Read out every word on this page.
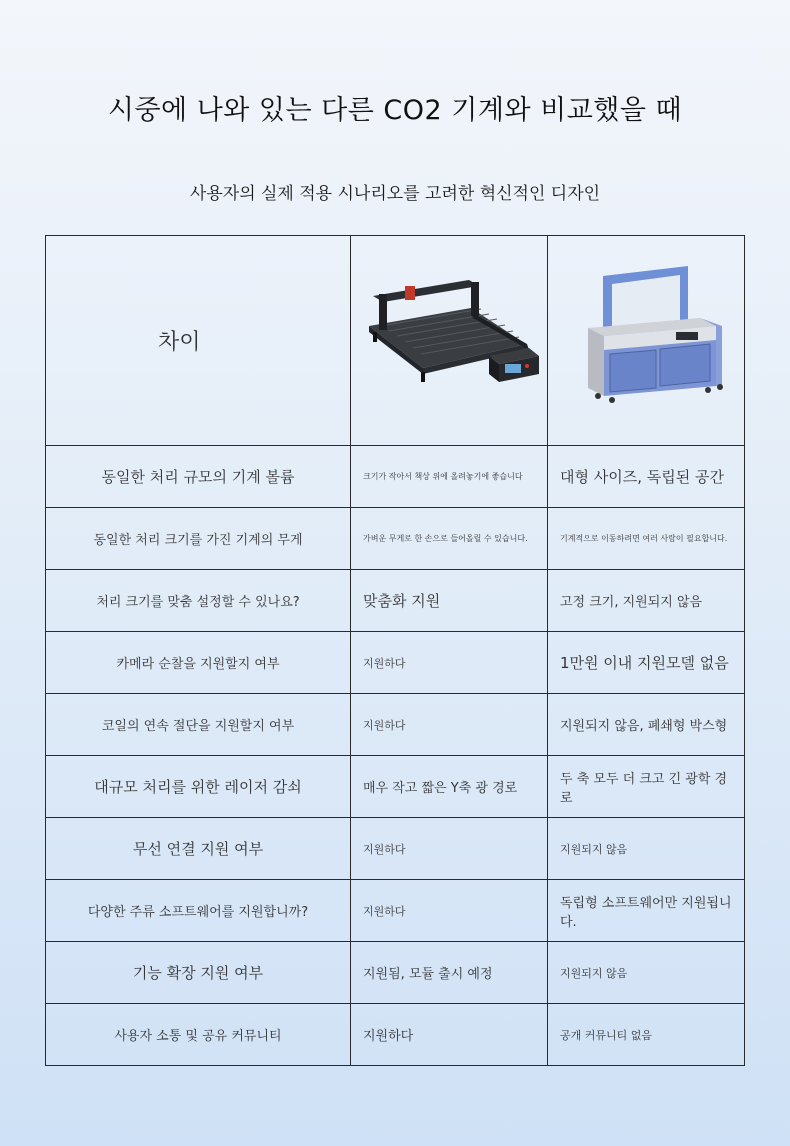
시중에 나와 있는 다른 CO2 기계와 비교했을 때
사용자의 실제 적용 시나리오를 고려한 혁신적인 디자인
차이		
동일한 처리 규모의 기계 볼륨	크기가 작아서 책상 위에 올려놓기에 좋습니다	대형 사이즈, 독립된 공간
동일한 처리 크기를 가진 기계의 무게	가벼운 무게로 한 손으로 들어올릴 수 있습니다.	기계적으로 이동하려면 여러 사람이 필요합니다.
처리 크기를 맞춤 설정할 수 있나요?	맞춤화 지원	고정 크기, 지원되지 않음
카메라 순찰을 지원할지 여부	지원하다	1만원 이내 지원모델 없음
코일의 연속 절단을 지원할지 여부	지원하다	지원되지 않음, 폐쇄형 박스형
대규모 처리를 위한 레이저 감쇠	매우 작고 짧은 Y축 광 경로	두 축 모두 더 크고 긴 광학 경로
무선 연결 지원 여부	지원하다	지원되지 않음
다양한 주류 소프트웨어를 지원합니까?	지원하다	독립형 소프트웨어만 지원됩니다.
기능 확장 지원 여부	지원됨, 모듈 출시 예정	지원되지 않음
사용자 소통 및 공유 커뮤니티	지원하다	공개 커뮤니티 없음
